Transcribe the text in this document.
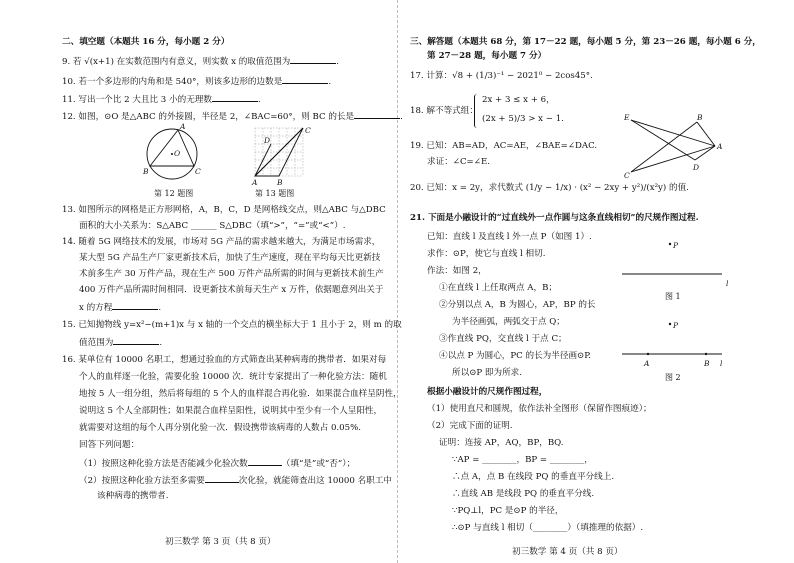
二、填空题（本题共 16 分，每小题 2 分）
9. 若 √(x+1) 在实数范围内有意义，则实数 x 的取值范围为	.
10. 若一个多边形的内角和是 540°，则该多边形的边数是	.
11. 写出一个比 2 大且比 3 小的无理数	.
12. 如图，⊙O 是△ABC 的外接圆，半径是 2，∠BAC=60°，则 BC 的长是	.
A
B	C
O
第 12 题图
C
D
A	B
第 13 题图
13. 如图所示的网格是正方形网格，A，B，C，D 是网格线交点，则△ABC 与△DBC
面积的大小关系为：S△ABC ______ S△DBC（填“>”，“=”或“<”）.
14. 随着 5G 网络技术的发展，市场对 5G 产品的需求越来越大，为满足市场需求，
某大型 5G 产品生产厂家更新技术后，加快了生产速度，现在平均每天比更新技
术前多生产 30 万件产品，现在生产 500 万件产品所需的时间与更新技术前生产
400 万件产品所需时间相同．设更新技术前每天生产 x 万件，依据题意列出关于
x 的方程	.
15. 已知抛物线 y=x²−(m+1)x 与 x 轴的一个交点的横坐标大于 1 且小于 2，则 m 的取
值范围为	.
16. 某单位有 10000 名职工，想通过验血的方式筛查出某种病毒的携带者．如果对每
个人的血样逐一化验，需要化验 10000 次．统计专家提出了一种化验方法：随机
地按 5 人一组分组，然后将每组的 5 个人的血样混合再化验．如果混合血样呈阴性，
说明这 5 个人全部阴性；如果混合血样呈阳性，说明其中至少有一个人呈阳性，
就需要对这组的每个人再分别化验一次．假设携带该病毒的人数占 0.05%.
回答下列问题：
（1）按照这种化验方法是否能减少化验次数	（填“是”或“否”）；
（2）按照这种化验方法至多需要	次化验，就能筛查出这 10000 名职工中
该种病毒的携带者.
初三数学 第 3 页（共 8 页）
三、解答题（本题共 68 分，第 17－22 题，每小题 5 分，第 23－26 题，每小题 6 分，
第 27－28 题，每小题 7 分）
17. 计算：√8 + (1/3)⁻¹ − 2021⁰ − 2cos45°.
18. 解不等式组：
2x + 3 ≤ x + 6，
(2x + 5)/3 > x − 1.
19. 已知：AB=AD，AC=AE，∠BAE=∠DAC.
求证：∠C=∠E.
E	B
A
D
C
20. 已知：x = 2y，求代数式 (1/y − 1/x) · (x² − 2xy + y²)/(x²y) 的值.
21. 下面是小融设计的“过直线外一点作圆与这条直线相切”的尺规作图过程.
已知：直线 l 及直线 l 外一点 P（如图 1）.
求作：⊙P，使它与直线 l 相切.
作法：如图 2，
①在直线 l 上任取两点 A，B；
②分别以点 A，B 为圆心，AP，BP 的长
为半径画弧，两弧交于点 Q；
③作直线 PQ，交直线 l 于点 C；
④以点 P 为圆心，PC 的长为半径画⊙P.
所以⊙P 即为所求.
P
l
图 1
P
A	B l
图 2
根据小融设计的尺规作图过程，
（1）使用直尺和圆规，依作法补全图形（保留作图痕迹）；
（2）完成下面的证明.
证明：连接 AP，AQ，BP，BQ.
∵AP = ________，BP = ________，
∴点 A，点 B 在线段 PQ 的垂直平分线上.
∴直线 AB 是线段 PQ 的垂直平分线.
∵PQ⊥l，PC 是⊙P 的半径，
∴⊙P 与直线 l 相切（________）（填推理的依据）.
初三数学 第 4 页（共 8 页）
